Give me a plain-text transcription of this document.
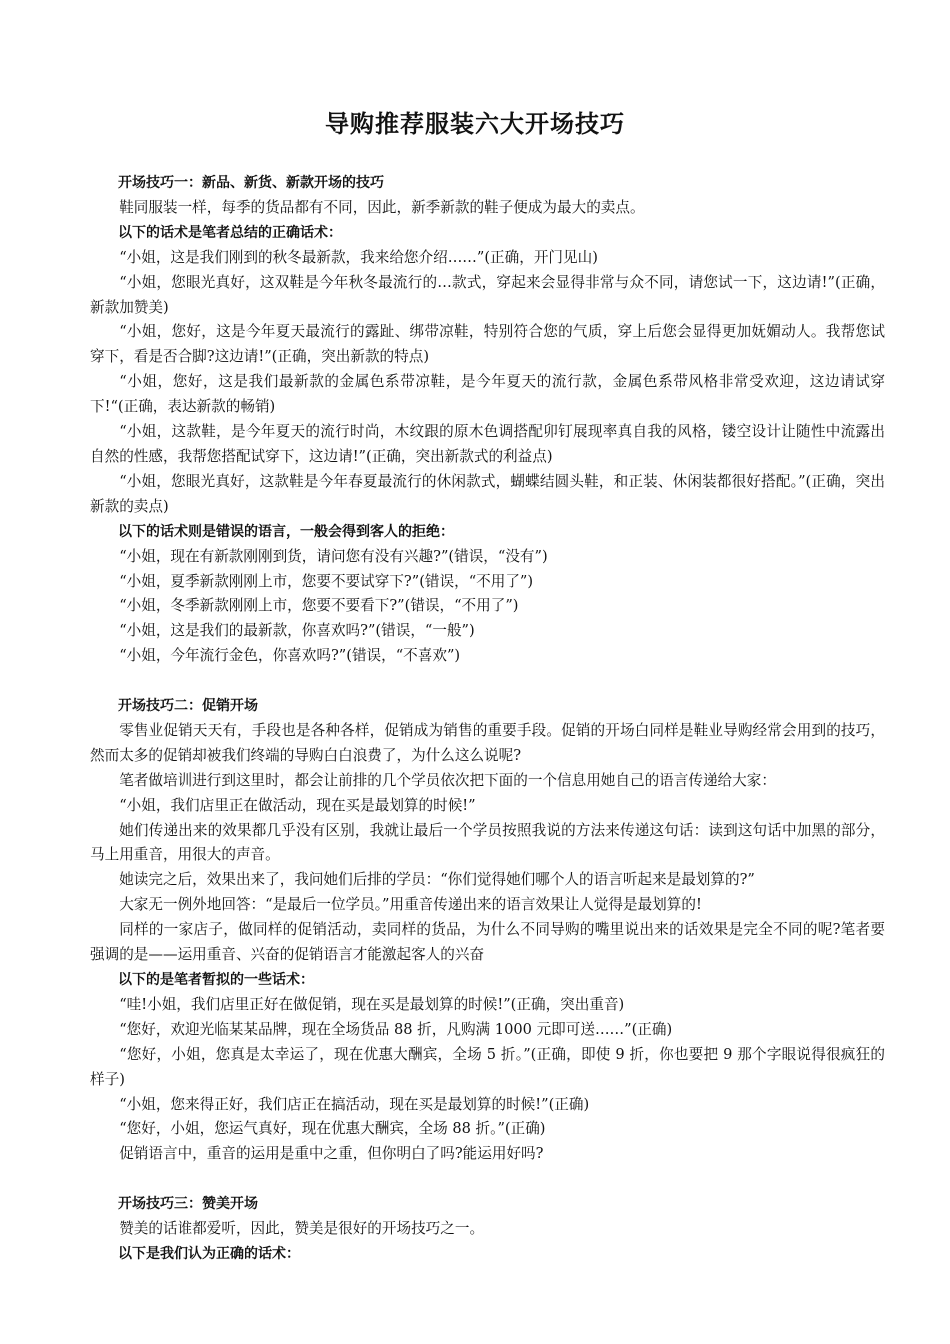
导购推荐服装六大开场技巧

开场技巧一：新品、新货、新款开场的技巧

鞋同服装一样，每季的货品都有不同，因此，新季新款的鞋子便成为最大的卖点。

以下的话术是笔者总结的正确话术：

“小姐，这是我们刚到的秋冬最新款，我来给您介绍……”(正确，开门见山)

“小姐，您眼光真好，这双鞋是今年秋冬最流行的…款式，穿起来会显得非常与众不同，请您试一下，这边请!”(正确，新款加赞美)

“小姐，您好，这是今年夏天最流行的露趾、绑带凉鞋，特别符合您的气质，穿上后您会显得更加妩媚动人。我帮您试穿下，看是否合脚?这边请!”(正确，突出新款的特点)

“小姐，您好，这是我们最新款的金属色系带凉鞋，是今年夏天的流行款，金属色系带风格非常受欢迎，这边请试穿下!“(正确，表达新款的畅销)

“小姐，这款鞋，是今年夏天的流行时尚，木纹跟的原木色调搭配卯钉展现率真自我的风格，镂空设计让随性中流露出自然的性感，我帮您搭配试穿下，这边请!”(正确，突出新款式的利益点)

“小姐，您眼光真好，这款鞋是今年春夏最流行的休闲款式，蝴蝶结圆头鞋，和正装、休闲装都很好搭配。”(正确，突出新款的卖点)

以下的话术则是错误的语言，一般会得到客人的拒绝：

“小姐，现在有新款刚刚到货，请问您有没有兴趣?”(错误，“没有”)

“小姐，夏季新款刚刚上市，您要不要试穿下?”(错误，“不用了”)

“小姐，冬季新款刚刚上市，您要不要看下?”(错误，“不用了”)

“小姐，这是我们的最新款，你喜欢吗?”(错误，“一般”)

“小姐，今年流行金色，你喜欢吗?”(错误，“不喜欢”)

开场技巧二：促销开场

零售业促销天天有，手段也是各种各样，促销成为销售的重要手段。促销的开场白同样是鞋业导购经常会用到的技巧，然而太多的促销却被我们终端的导购白白浪费了，为什么这么说呢?

笔者做培训进行到这里时，都会让前排的几个学员依次把下面的一个信息用她自己的语言传递给大家：

“小姐，我们店里正在做活动，现在买是最划算的时候!”

她们传递出来的效果都几乎没有区别，我就让最后一个学员按照我说的方法来传递这句话：读到这句话中加黑的部分，马上用重音，用很大的声音。

她读完之后，效果出来了，我问她们后排的学员：“你们觉得她们哪个人的语言听起来是最划算的?”

大家无一例外地回答：“是最后一位学员。”用重音传递出来的语言效果让人觉得是最划算的!

同样的一家店子，做同样的促销活动，卖同样的货品，为什么不同导购的嘴里说出来的话效果是完全不同的呢?笔者要强调的是——运用重音、兴奋的促销语言才能激起客人的兴奋

以下的是笔者暂拟的一些话术：

“哇!小姐，我们店里正好在做促销，现在买是最划算的时候!”(正确，突出重音)

“您好，欢迎光临某某品牌，现在全场货品 88 折，凡购满 1000 元即可送……”(正确)

“您好，小姐，您真是太幸运了，现在优惠大酬宾，全场 5 折。”(正确，即使 9 折，你也要把 9 那个字眼说得很疯狂的样子)

“小姐，您来得正好，我们店正在搞活动，现在买是最划算的时候!”(正确)

“您好，小姐，您运气真好，现在优惠大酬宾，全场 88 折。”(正确)

促销语言中，重音的运用是重中之重，但你明白了吗?能运用好吗?

开场技巧三：赞美开场

赞美的话谁都爱听，因此，赞美是很好的开场技巧之一。

以下是我们认为正确的话术：
